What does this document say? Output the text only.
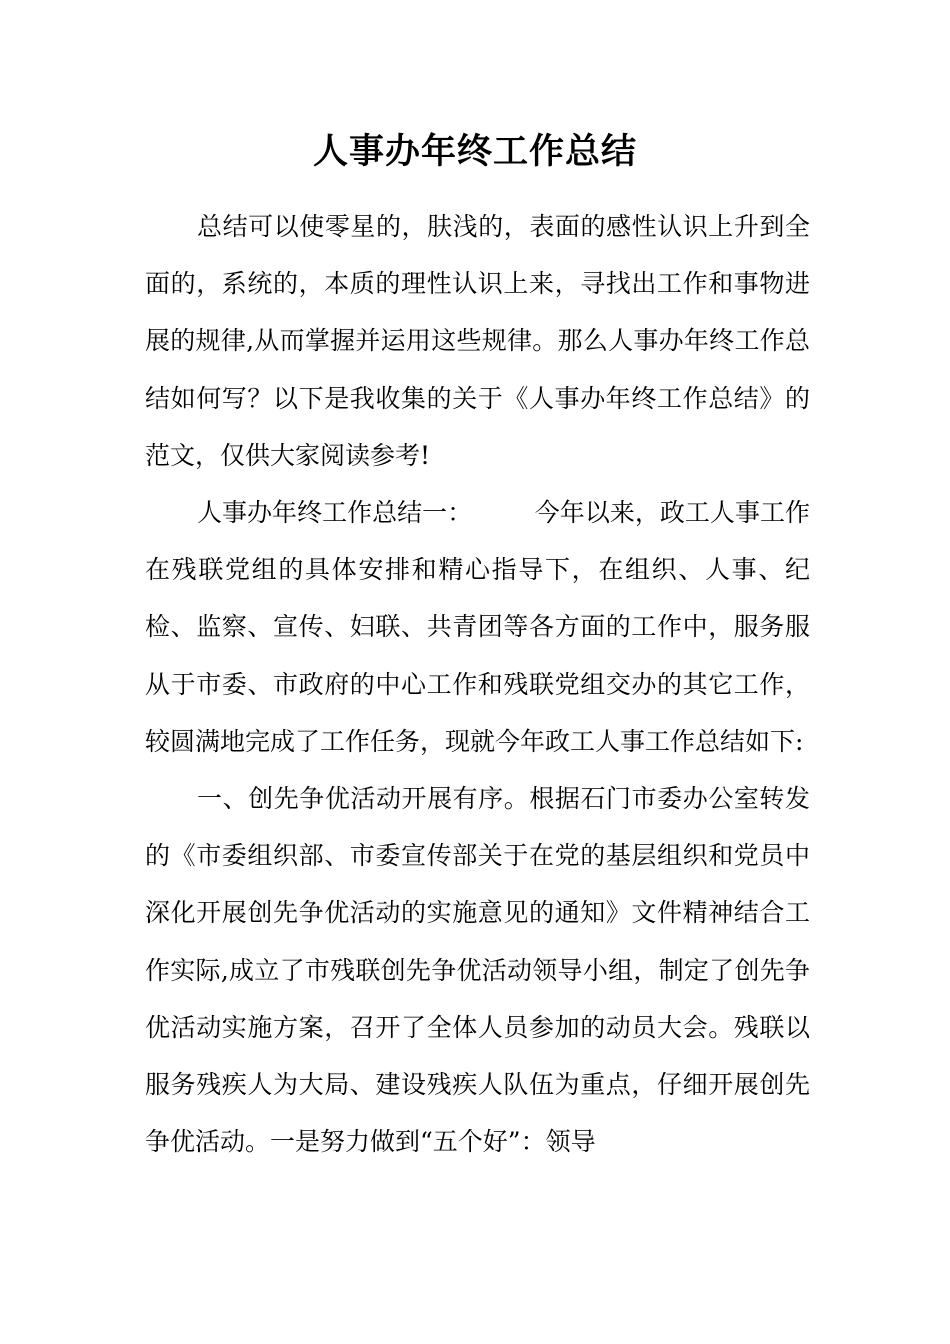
人事办年终工作总结

总结可以使零星的，肤浅的，表面的感性认识上升到全面的，系统的，本质的理性认识上来，寻找出工作和事物进展的规律,从而掌握并运用这些规律。那么人事办年终工作总结如何写？以下是我收集的关于《人事办年终工作总结》的范文，仅供大家阅读参考!

人事办年终工作总结一：　　　今年以来，政工人事工作在残联党组的具体安排和精心指导下，在组织、人事、纪检、监察、宣传、妇联、共青团等各方面的工作中，服务服从于市委、市政府的中心工作和残联党组交办的其它工作，较圆满地完成了工作任务，现就今年政工人事工作总结如下:

一、创先争优活动开展有序。根据石门市委办公室转发的《市委组织部、市委宣传部关于在党的基层组织和党员中深化开展创先争优活动的实施意见的通知》文件精神结合工作实际,成立了市残联创先争优活动领导小组，制定了创先争优活动实施方案，召开了全体人员参加的动员大会。残联以服务残疾人为大局、建设残疾人队伍为重点，仔细开展创先争优活动。一是努力做到“五个好”：领导
